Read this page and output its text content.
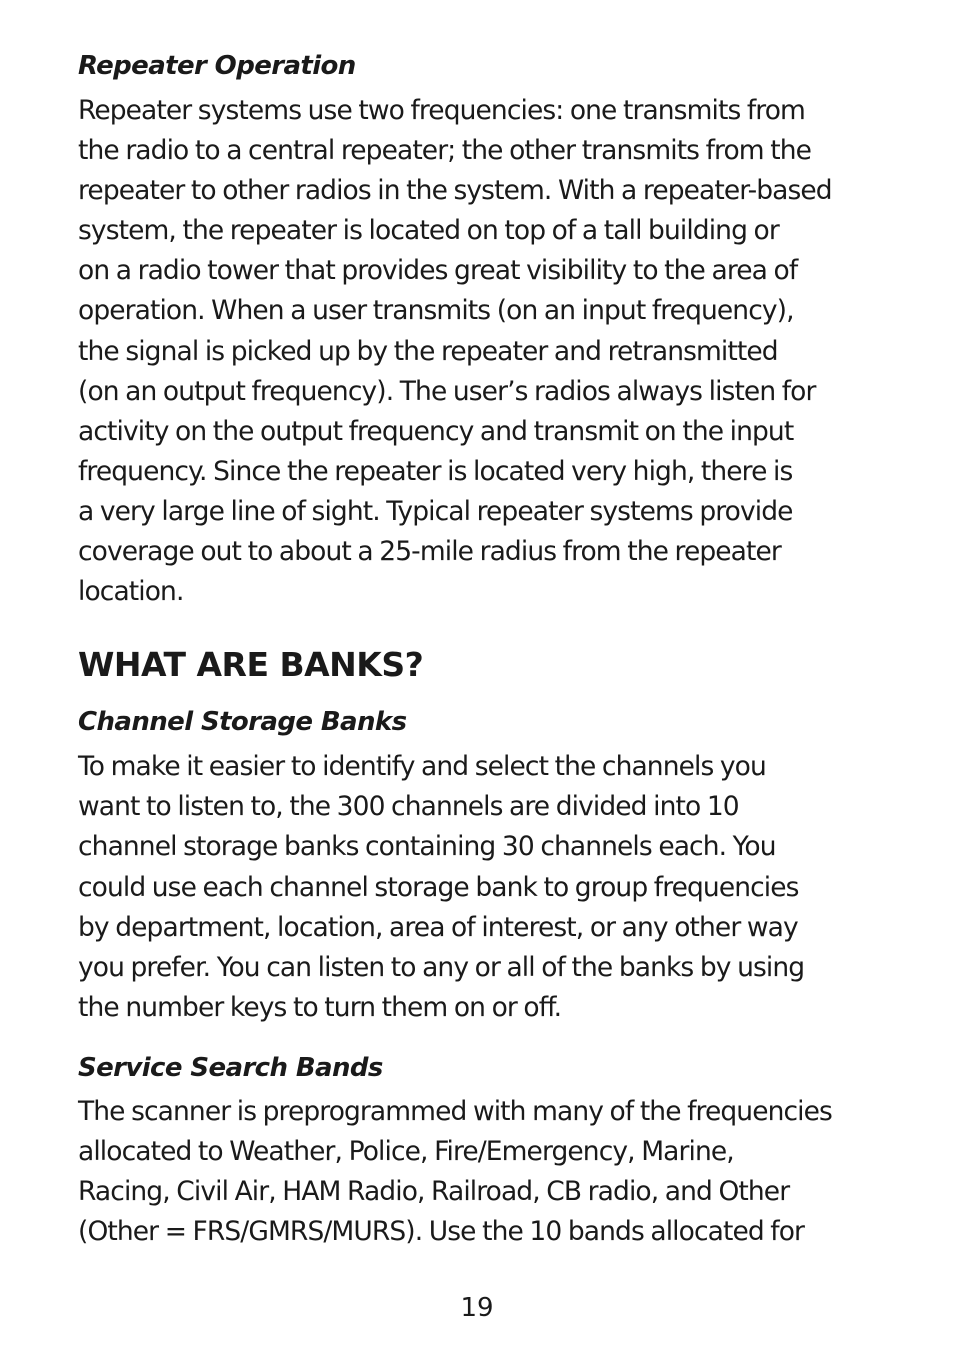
Repeater Operation
Repeater systems use two frequencies: one transmits from
the radio to a central repeater; the other transmits from the
repeater to other radios in the system. With a repeater-based
system, the repeater is located on top of a tall building or
on a radio tower that provides great visibility to the area of
operation. When a user transmits (on an input frequency),
the signal is picked up by the repeater and retransmitted
(on an output frequency). The user’s radios always listen for
activity on the output frequency and transmit on the input
frequency. Since the repeater is located very high, there is
a very large line of sight. Typical repeater systems provide
coverage out to about a 25-mile radius from the repeater
location.
WHAT ARE BANKS?
Channel Storage Banks
To make it easier to identify and select the channels you
want to listen to, the 300 channels are divided into 10
channel storage banks containing 30 channels each. You
could use each channel storage bank to group frequencies
by department, location, area of interest, or any other way
you prefer. You can listen to any or all of the banks by using
the number keys to turn them on or off.
Service Search Bands
The scanner is preprogrammed with many of the frequencies
allocated to Weather, Police, Fire/Emergency, Marine,
Racing, Civil Air, HAM Radio, Railroad, CB radio, and Other
(Other = FRS/GMRS/MURS). Use the 10 bands allocated for
19
